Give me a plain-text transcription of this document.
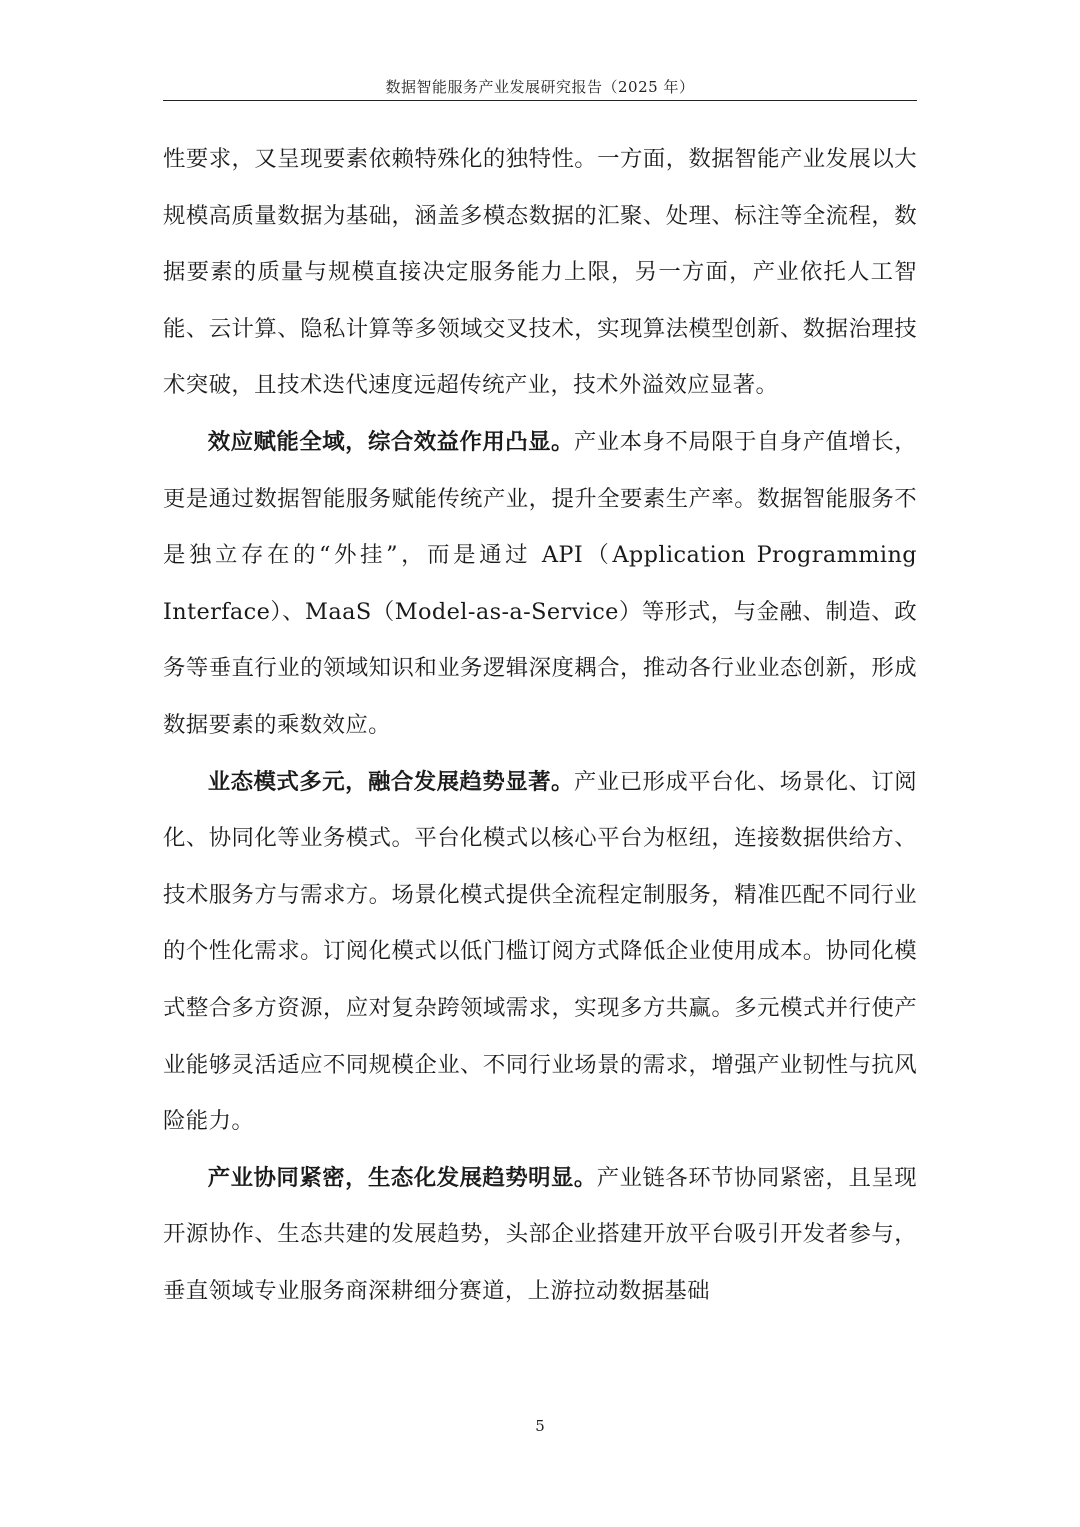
数据智能服务产业发展研究报告（2025 年）

性要求，又呈现要素依赖特殊化的独特性。一方面，数据智能产业发展以大规模高质量数据为基础，涵盖多模态数据的汇聚、处理、标注等全流程，数据要素的质量与规模直接决定服务能力上限，另一方面，产业依托人工智能、云计算、隐私计算等多领域交叉技术，实现算法模型创新、数据治理技术突破，且技术迭代速度远超传统产业，技术外溢效应显著。

效应赋能全域，综合效益作用凸显。产业本身不局限于自身产值增长，更是通过数据智能服务赋能传统产业，提升全要素生产率。数据智能服务不是独立存在的“外挂”，而是通过 API（Application Programming Interface）、MaaS（Model-as-a-Service）等形式，与金融、制造、政务等垂直行业的领域知识和业务逻辑深度耦合，推动各行业业态创新，形成数据要素的乘数效应。

业态模式多元，融合发展趋势显著。产业已形成平台化、场景化、订阅化、协同化等业务模式。平台化模式以核心平台为枢纽，连接数据供给方、技术服务方与需求方。场景化模式提供全流程定制服务，精准匹配不同行业的个性化需求。订阅化模式以低门槛订阅方式降低企业使用成本。协同化模式整合多方资源，应对复杂跨领域需求，实现多方共赢。多元模式并行使产业能够灵活适应不同规模企业、不同行业场景的需求，增强产业韧性与抗风险能力。

产业协同紧密，生态化发展趋势明显。产业链各环节协同紧密，且呈现开源协作、生态共建的发展趋势，头部企业搭建开放平台吸引开发者参与，垂直领域专业服务商深耕细分赛道，上游拉动数据基础

5
